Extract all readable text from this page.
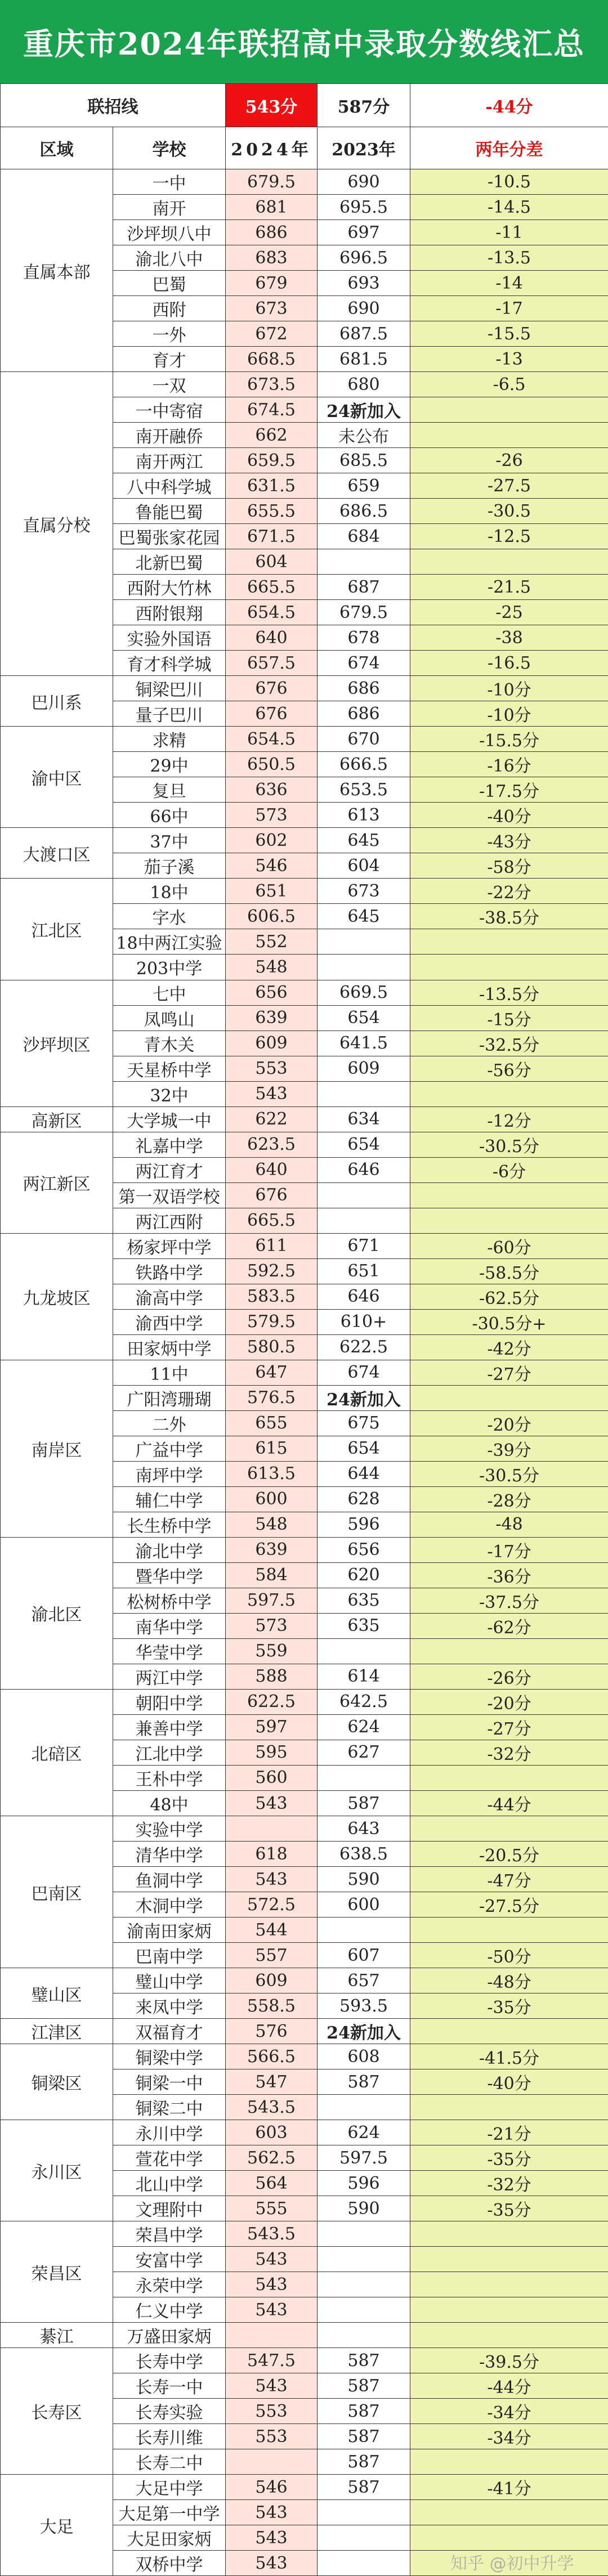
重庆市2024年联招高中录取分数线汇总
联招线		543分	587分	-44分
区域	学校	2024年	2023年	两年分差
直属本部	一中	679.5	690	-10.5
	南开	681	695.5	-14.5
	沙坪坝八中	686	697	-11
	渝北八中	683	696.5	-13.5
	巴蜀	679	693	-14
	西附	673	690	-17
	一外	672	687.5	-15.5
	育才	668.5	681.5	-13
直属分校	一双	673.5	680	-6.5
	一中寄宿	674.5	24新加入	
	南开融侨	662	未公布	
	南开两江	659.5	685.5	-26
	八中科学城	631.5	659	-27.5
	鲁能巴蜀	655.5	686.5	-30.5
	巴蜀张家花园	671.5	684	-12.5
	北新巴蜀	604		
	西附大竹林	665.5	687	-21.5
	西附银翔	654.5	679.5	-25
	实验外国语	640	678	-38
	育才科学城	657.5	674	-16.5
巴川系	铜梁巴川	676	686	-10分
	量子巴川	676	686	-10分
渝中区	求精	654.5	670	-15.5分
	29中	650.5	666.5	-16分
	复旦	636	653.5	-17.5分
	66中	573	613	-40分
大渡口区	37中	602	645	-43分
	茄子溪	546	604	-58分
江北区	18中	651	673	-22分
	字水	606.5	645	-38.5分
	18中两江实验	552		
	203中学	548		
沙坪坝区	七中	656	669.5	-13.5分
	凤鸣山	639	654	-15分
	青木关	609	641.5	-32.5分
	天星桥中学	553	609	-56分
	32中	543		
高新区	大学城一中	622	634	-12分
两江新区	礼嘉中学	623.5	654	-30.5分
	两江育才	640	646	-6分
	第一双语学校	676		
	两江西附	665.5		
九龙坡区	杨家坪中学	611	671	-60分
	铁路中学	592.5	651	-58.5分
	渝高中学	583.5	646	-62.5分
	渝西中学	579.5	610+	-30.5分+
	田家炳中学	580.5	622.5	-42分
南岸区	11中	647	674	-27分
	广阳湾珊瑚	576.5	24新加入	
	二外	655	675	-20分
	广益中学	615	654	-39分
	南坪中学	613.5	644	-30.5分
	辅仁中学	600	628	-28分
	长生桥中学	548	596	-48
渝北区	渝北中学	639	656	-17分
	暨华中学	584	620	-36分
	松树桥中学	597.5	635	-37.5分
	南华中学	573	635	-62分
	华莹中学	559		
	两江中学	588	614	-26分
北碚区	朝阳中学	622.5	642.5	-20分
	兼善中学	597	624	-27分
	江北中学	595	627	-32分
	王朴中学	560		
	48中	543	587	-44分
巴南区	实验中学		643	
	清华中学	618	638.5	-20.5分
	鱼洞中学	543	590	-47分
	木洞中学	572.5	600	-27.5分
	渝南田家炳	544		
	巴南中学	557	607	-50分
璧山区	璧山中学	609	657	-48分
	来凤中学	558.5	593.5	-35分
江津区	双福育才	576	24新加入	
铜梁区	铜梁中学	566.5	608	-41.5分
	铜梁一中	547	587	-40分
	铜梁二中	543.5		
永川区	永川中学	603	624	-21分
	萱花中学	562.5	597.5	-35分
	北山中学	564	596	-32分
	文理附中	555	590	-35分
荣昌区	荣昌中学	543.5		
	安富中学	543		
	永荣中学	543		
	仁义中学	543		
綦江	万盛田家炳			
长寿区	长寿中学	547.5	587	-39.5分
	长寿一中	543	587	-44分
	长寿实验	553	587	-34分
	长寿川维	553	587	-34分
	长寿二中		587	
大足	大足中学	546	587	-41分
	大足第一中学	543		
	大足田家炳	543		
	双桥中学	543			知乎 @初中升学
